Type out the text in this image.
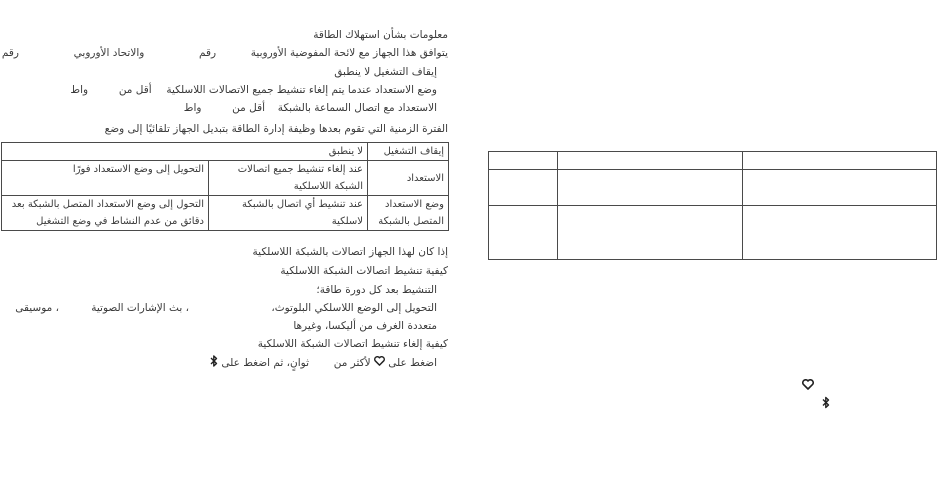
معلومات بشأن استهلاك الطاقة
يتوافق هذا الجهاز مع لائحة المفوضية الأوروبية  رقم  والاتحاد الأوروبي  رقم
إيقاف التشغيل لا ينطبق
وضع الاستعداد عندما يتم إلغاء تنشيط جميع الاتصالات اللاسلكية  أقل من  واط
الاستعداد مع اتصال السماعة بالشبكة  أقل من  واط
الفترة الزمنية التي تقوم بعدها وظيفة إدارة الطاقة بتبديل الجهاز تلقائيًا إلى وضع
إيقاف التشغيل	لا ينطبق	
الاستعداد	عند إلغاء تنشيط جميع اتصالات الشبكة اللاسلكية	التحويل إلى وضع الاستعداد فورًا
وضع الاستعداد المتصل بالشبكة	عند تنشيط أي اتصال بالشبكة لاسلكية	التحول إلى وضع الاستعداد المتصل بالشبكة بعد دقائق من عدم النشاط في وضع التشغيل
إذا كان لهذا الجهاز اتصالات بالشبكة اللاسلكية
كيفية تنشيط اتصالات الشبكة اللاسلكية
التنشيط بعد كل دورة طاقة؛
التحويل إلى الوضع اللاسلكي البلوتوث،
، بث الإشارات الصوتية
، موسيقى
متعددة الغرف من أليكسا، وغيرها
كيفية إلغاء تنشيط اتصالات الشبكة اللاسلكية
اضغط على  لأكثر من  ثوانٍ، ثم اضغط على
